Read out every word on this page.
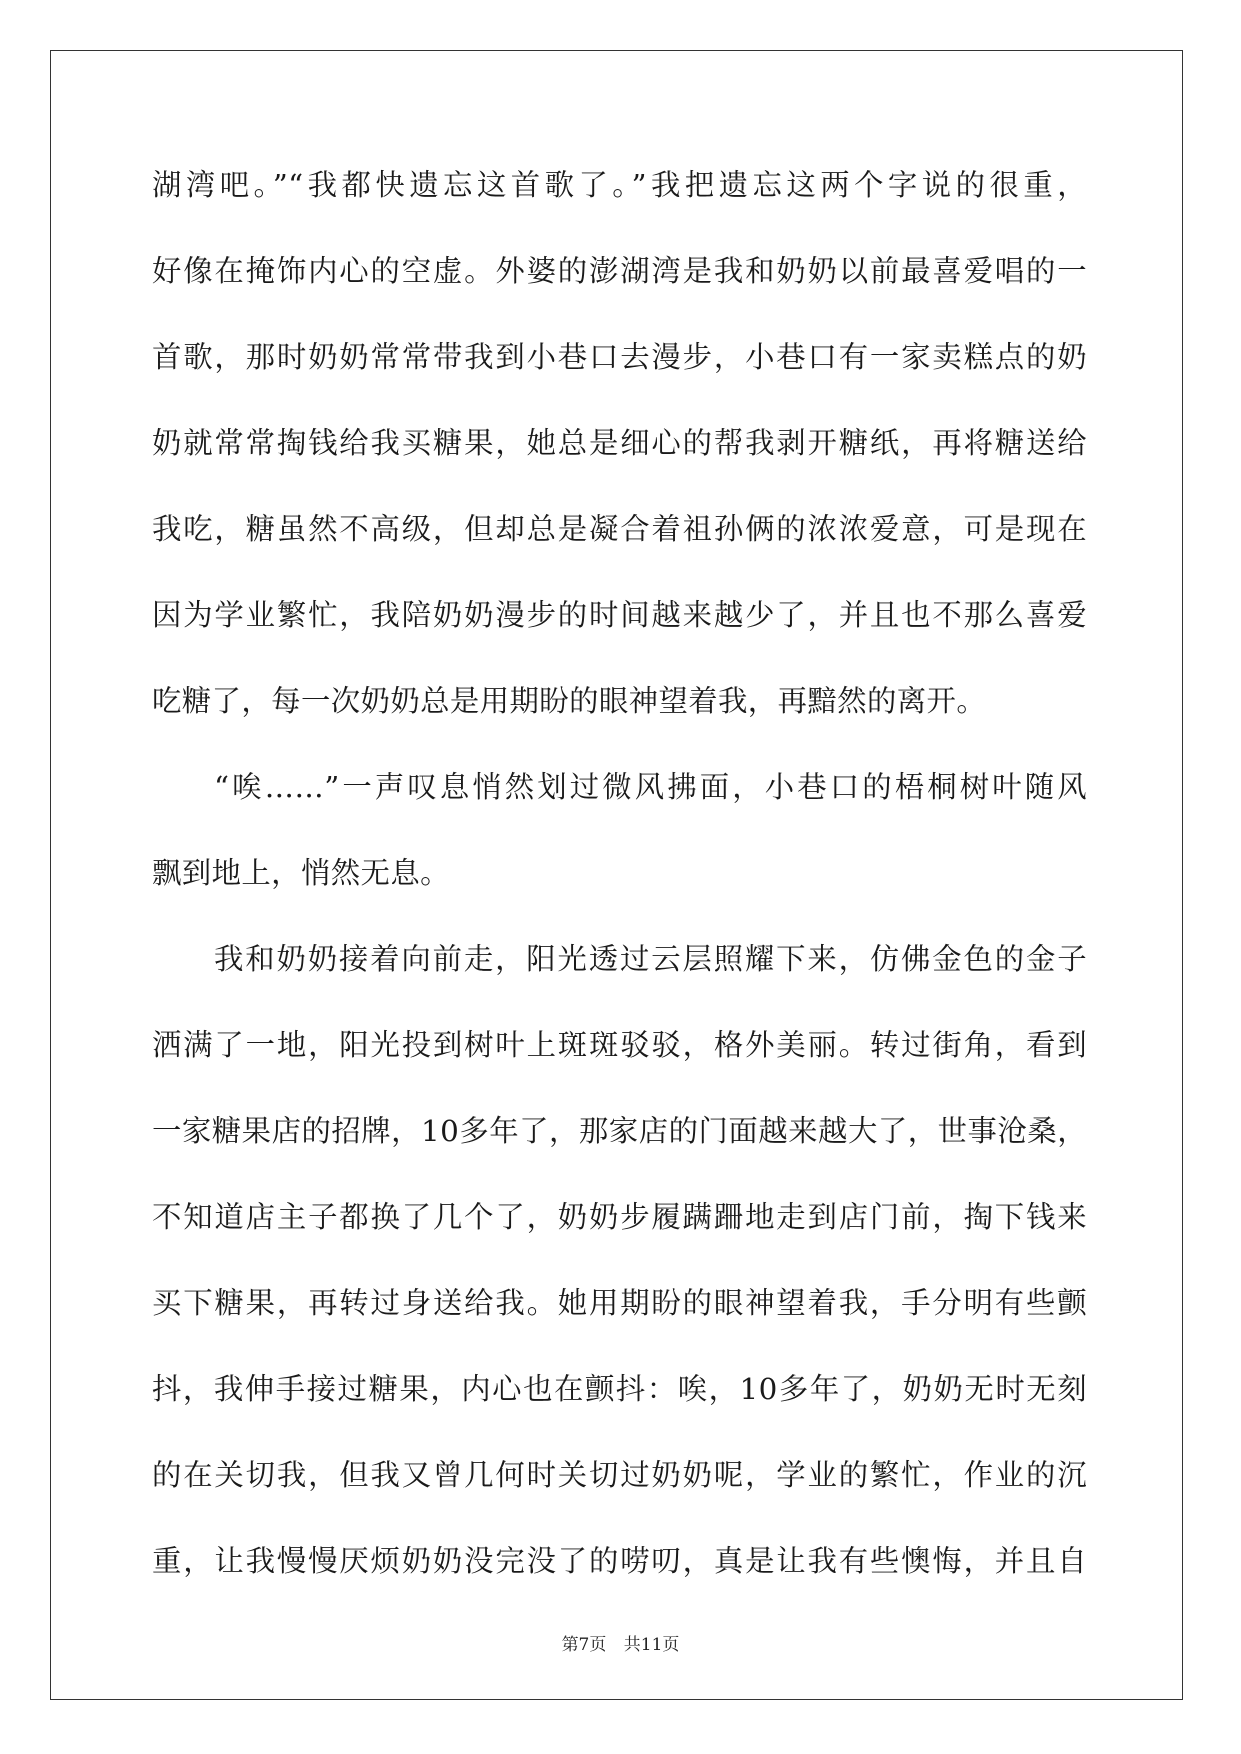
湖湾吧。”“我都快遗忘这首歌了。”我把遗忘这两个字说的很重，
好像在掩饰内心的空虚。外婆的澎湖湾是我和奶奶以前最喜爱唱的一
首歌，那时奶奶常常带我到小巷口去漫步，小巷口有一家卖糕点的奶
奶就常常掏钱给我买糖果，她总是细心的帮我剥开糖纸，再将糖送给
我吃，糖虽然不高级，但却总是凝合着祖孙俩的浓浓爱意，可是现在
因为学业繁忙，我陪奶奶漫步的时间越来越少了，并且也不那么喜爱
吃糖了，每一次奶奶总是用期盼的眼神望着我，再黯然的离开。
“唉……”一声叹息悄然划过微风拂面，小巷口的梧桐树叶随风
飘到地上，悄然无息。
我和奶奶接着向前走，阳光透过云层照耀下来，仿佛金色的金子
洒满了一地，阳光投到树叶上斑斑驳驳，格外美丽。转过街角，看到
一家糖果店的招牌，10多年了，那家店的门面越来越大了，世事沧桑，
不知道店主子都换了几个了，奶奶步履蹒跚地走到店门前，掏下钱来
买下糖果，再转过身送给我。她用期盼的眼神望着我，手分明有些颤
抖，我伸手接过糖果，内心也在颤抖：唉，10多年了，奶奶无时无刻
的在关切我，但我又曾几何时关切过奶奶呢，学业的繁忙，作业的沉
重，让我慢慢厌烦奶奶没完没了的唠叨，真是让我有些懊悔，并且自
第7页 共11页
